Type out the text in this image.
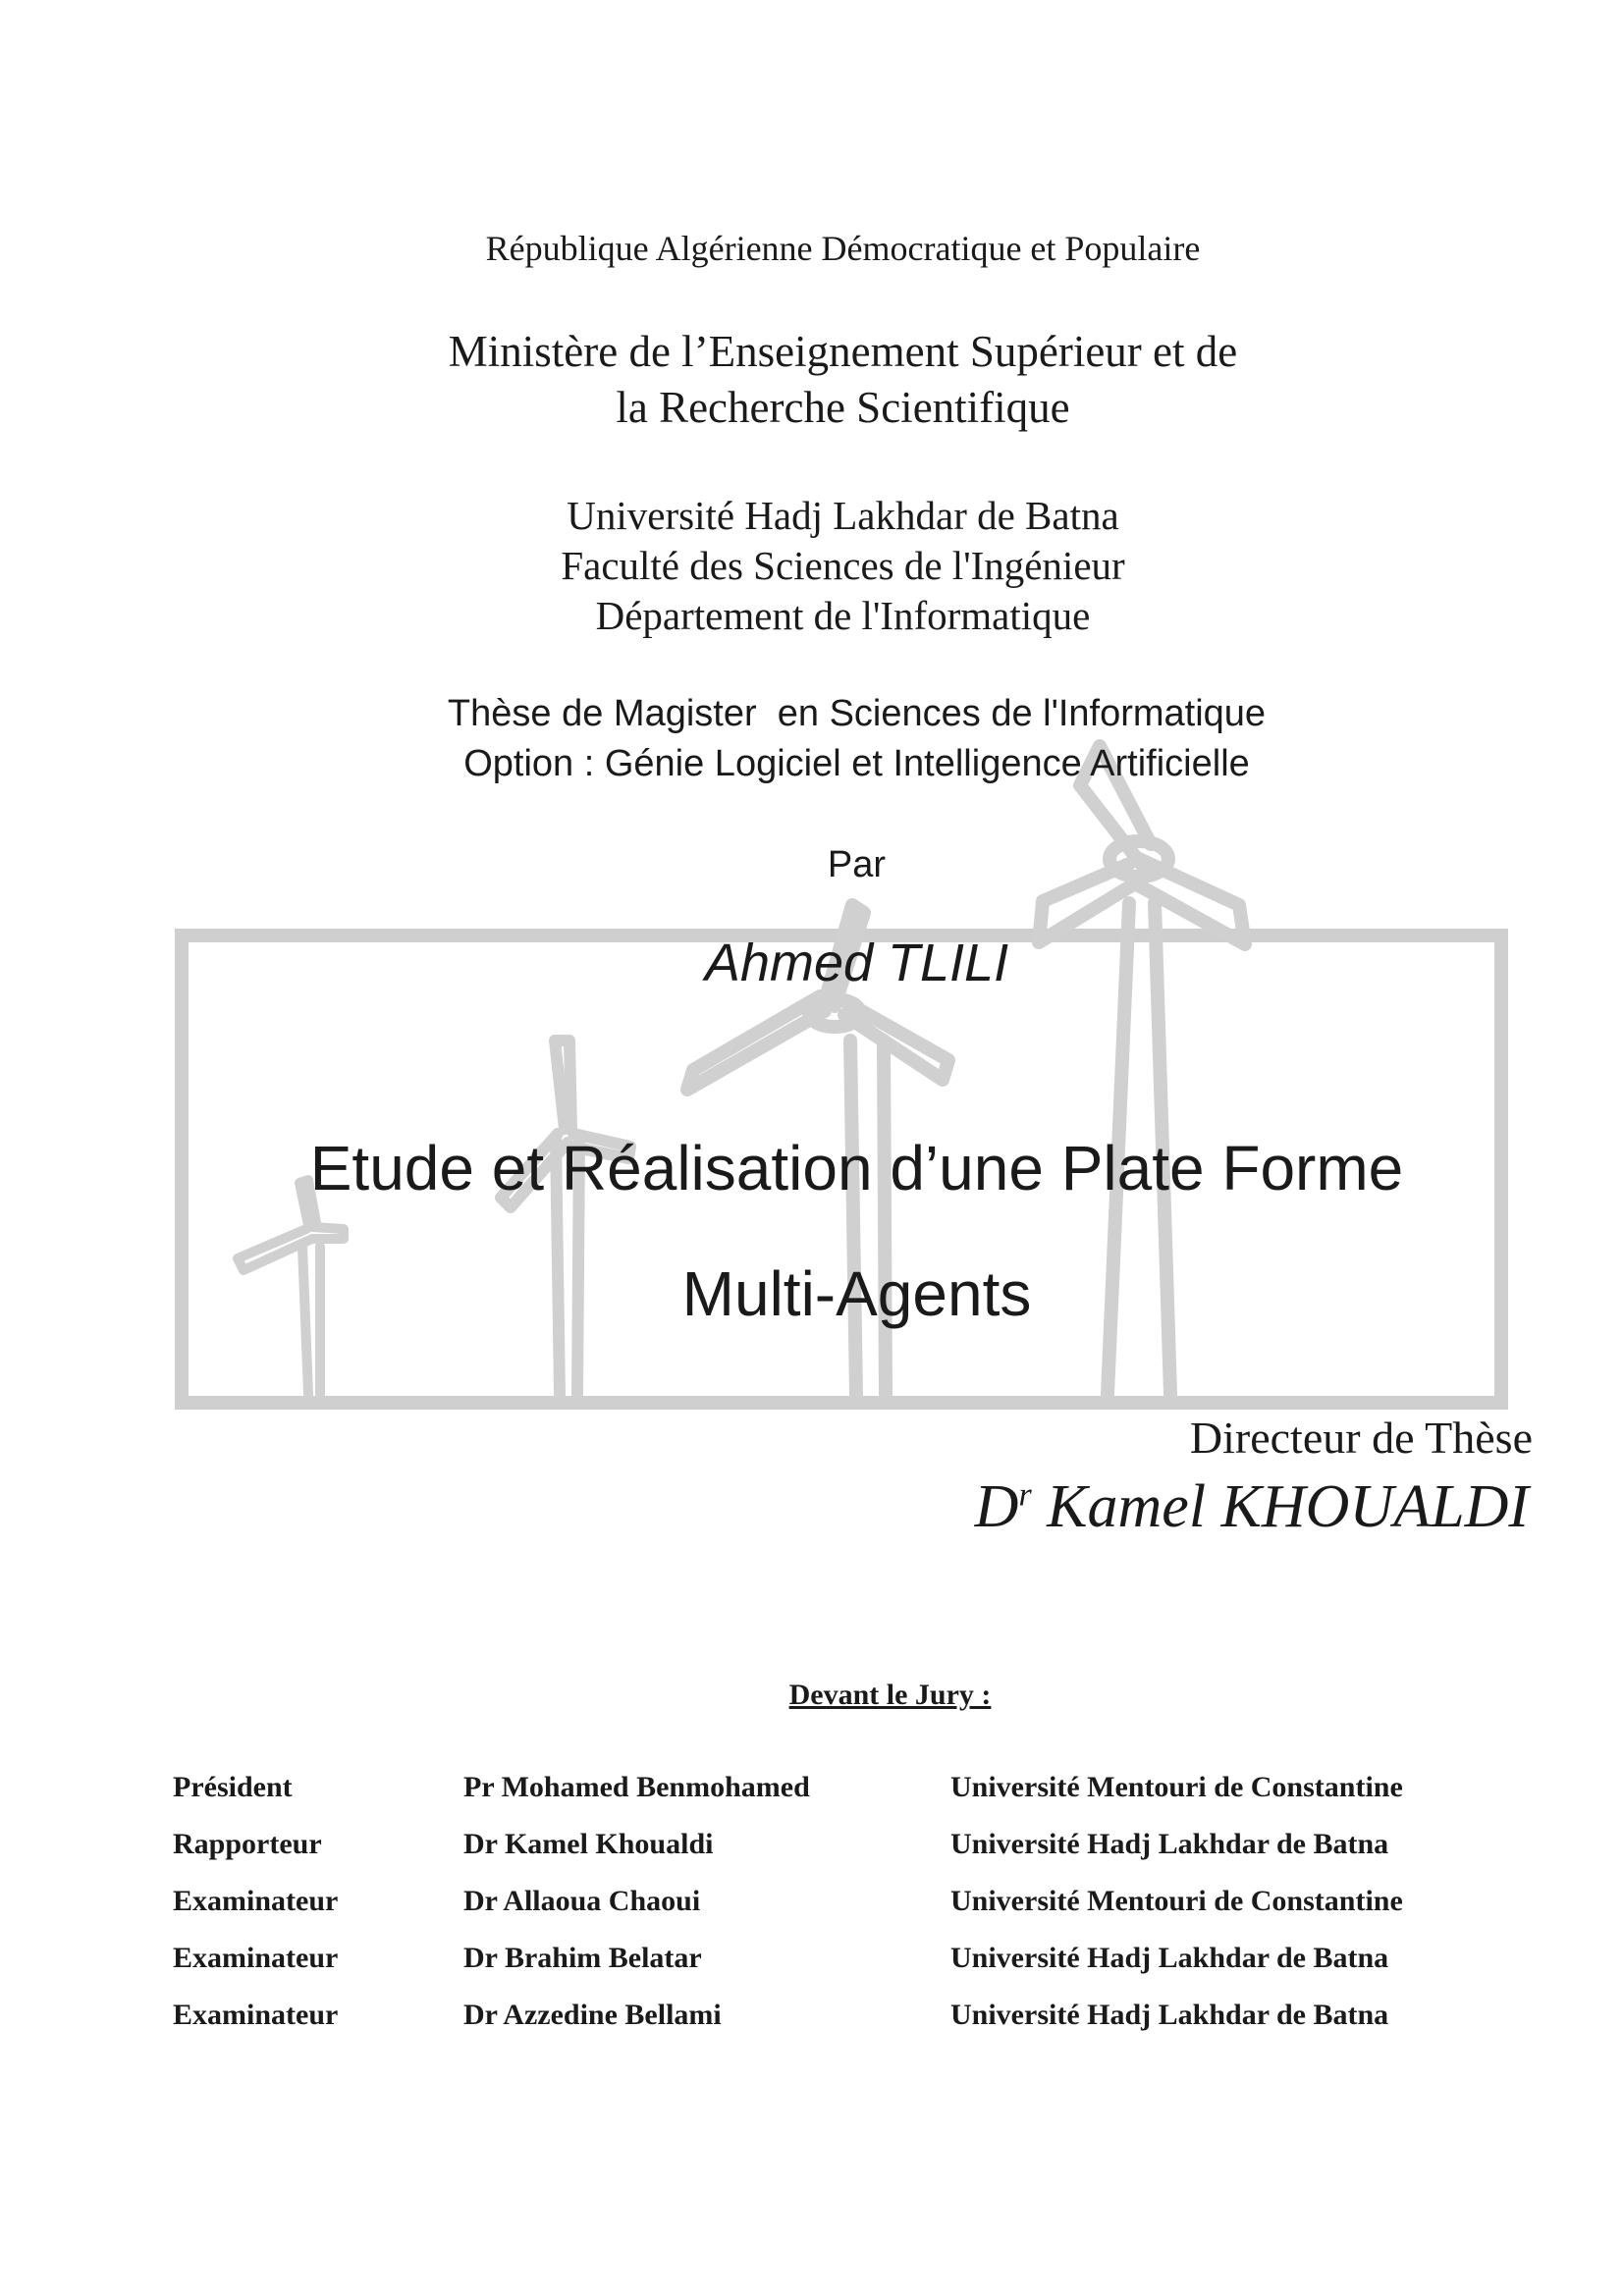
République Algérienne Démocratique et Populaire
Ministère de l’Enseignement Supérieur et de
la Recherche Scientifique
Université Hadj Lakhdar de Batna
Faculté des Sciences de l'Ingénieur
Département de l'Informatique
Thèse de Magister  en Sciences de l'Informatique
Option : Génie Logiciel et Intelligence Artificielle
Par
Ahmed TLILI
Etude et Réalisation d’une Plate Forme
Multi-Agents
Directeur de Thèse
$D^r$ Kamel KHOUALDI
Devant le Jury :
Président	Pr Mohamed Benmohamed	Université Mentouri de Constantine
Rapporteur	Dr Kamel Khoualdi	Université Hadj Lakhdar de Batna
Examinateur	Dr Allaoua Chaoui	Université Mentouri de Constantine
Examinateur	Dr Brahim Belatar	Université Hadj Lakhdar de Batna
Examinateur	Dr Azzedine Bellami	Université Hadj Lakhdar de Batna
